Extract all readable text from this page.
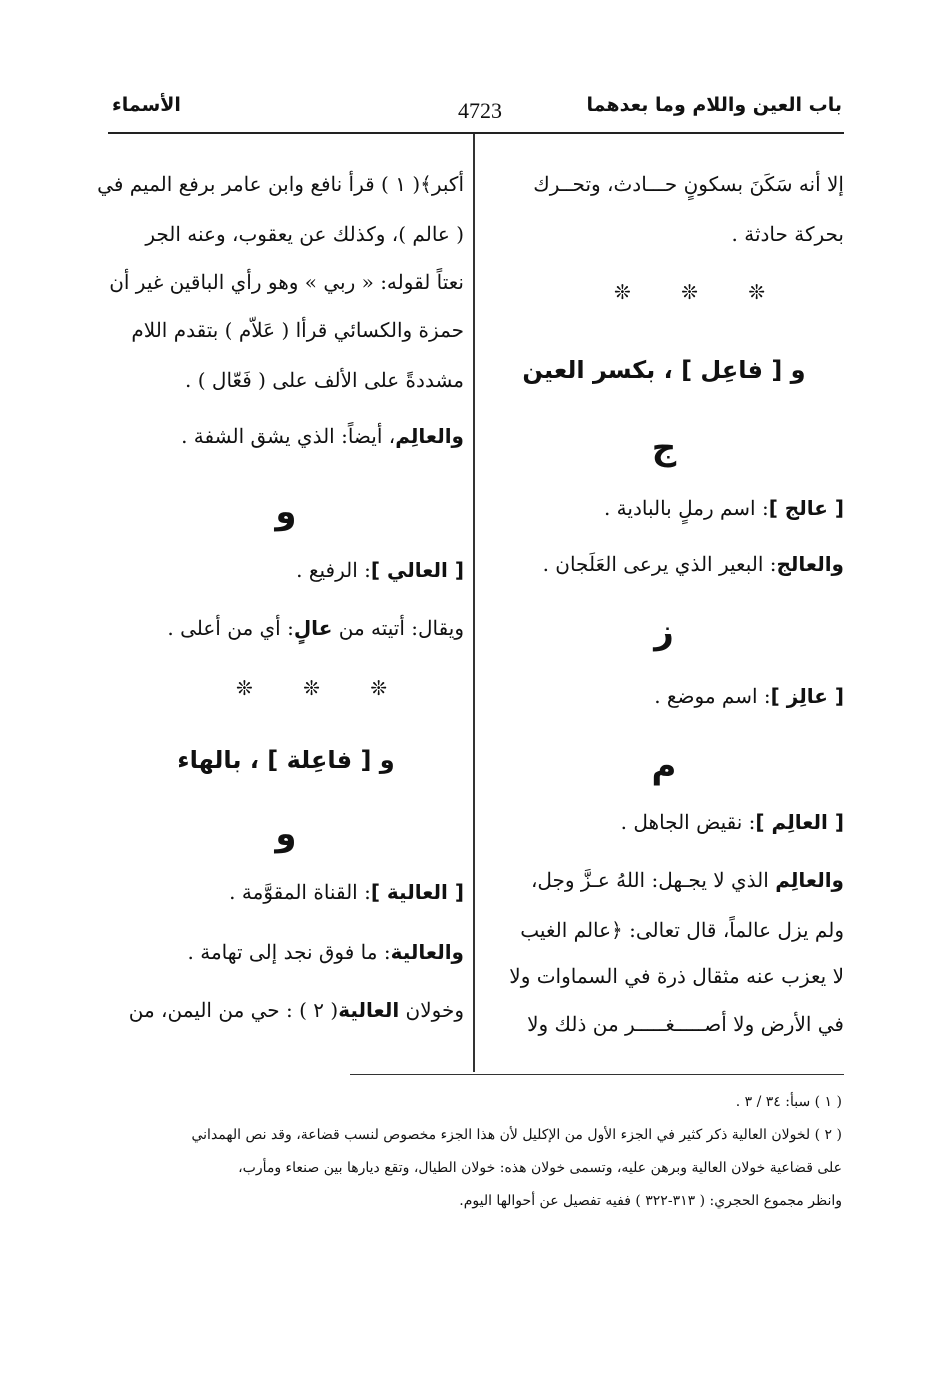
باب العين واللام وما بعدهما
4723
الأسماء
إلا أنه سَكَنَ بسكونٍ حـــادث، وتحــرك
بحركة حادثة .
❊ ❊ ❊
و [ فاعِل ] ، بكسر العين
ج
[ عالج ]: اسم رملٍ بالبادية .
والعالج: البعير الذي يرعى العَلَجان .
ز
[ عالِز ]: اسم موضع .
م
[ العالِم ]: نقيض الجاهل .
والعالِم الذي لا يجـهل: اللهُ عـزَّ وجل،
ولم يزل عالماً، قال تعالى: ﴿عالم الغيب
لا يعزب عنه مثقال ذرة في السماوات ولا
في الأرض ولا أصـــــغـــــر من ذلك ولا
أكبر﴾( ١ ) قرأ نافع وابن عامر برفع الميم في
( عالم )، وكذلك عن يعقوب، وعنه الجر
نعتاً لقوله: « ربي » وهو رأي الباقين غير أن
حمزة والكسائي قرأا ( عَلاّم ) بتقدم اللام
مشددةً على الألف على ( فَعّال ) .
والعالِم، أيضاً: الذي يشق الشفة .
و
[ العالي ]: الرفيع .
ويقال: أتيته من عالٍ: أي من أعلى .
❊ ❊ ❊
و [ فاعِلة ] ، بالهاء
و
[ العالية ]: القناة المقوَّمة .
والعالية: ما فوق نجد إلى تهامة .
وخولان العالية( ٢ ) : حي من اليمن، من
( ١ ) سبأ: ٣٤ / ٣ .
( ٢ ) لخولان العالية ذكر كثير في الجزء الأول من الإكليل لأن هذا الجزء مخصوص لنسب قضاعة، وقد نص الهمداني
على قضاعية خولان العالية وبرهن عليه، وتسمى خولان هذه: خولان الطيال، وتقع ديارها بين صنعاء ومأرب،
وانظر مجموع الحجري: ( ٣١٣-٣٢٢ ) ففيه تفصيل عن أحوالها اليوم.
